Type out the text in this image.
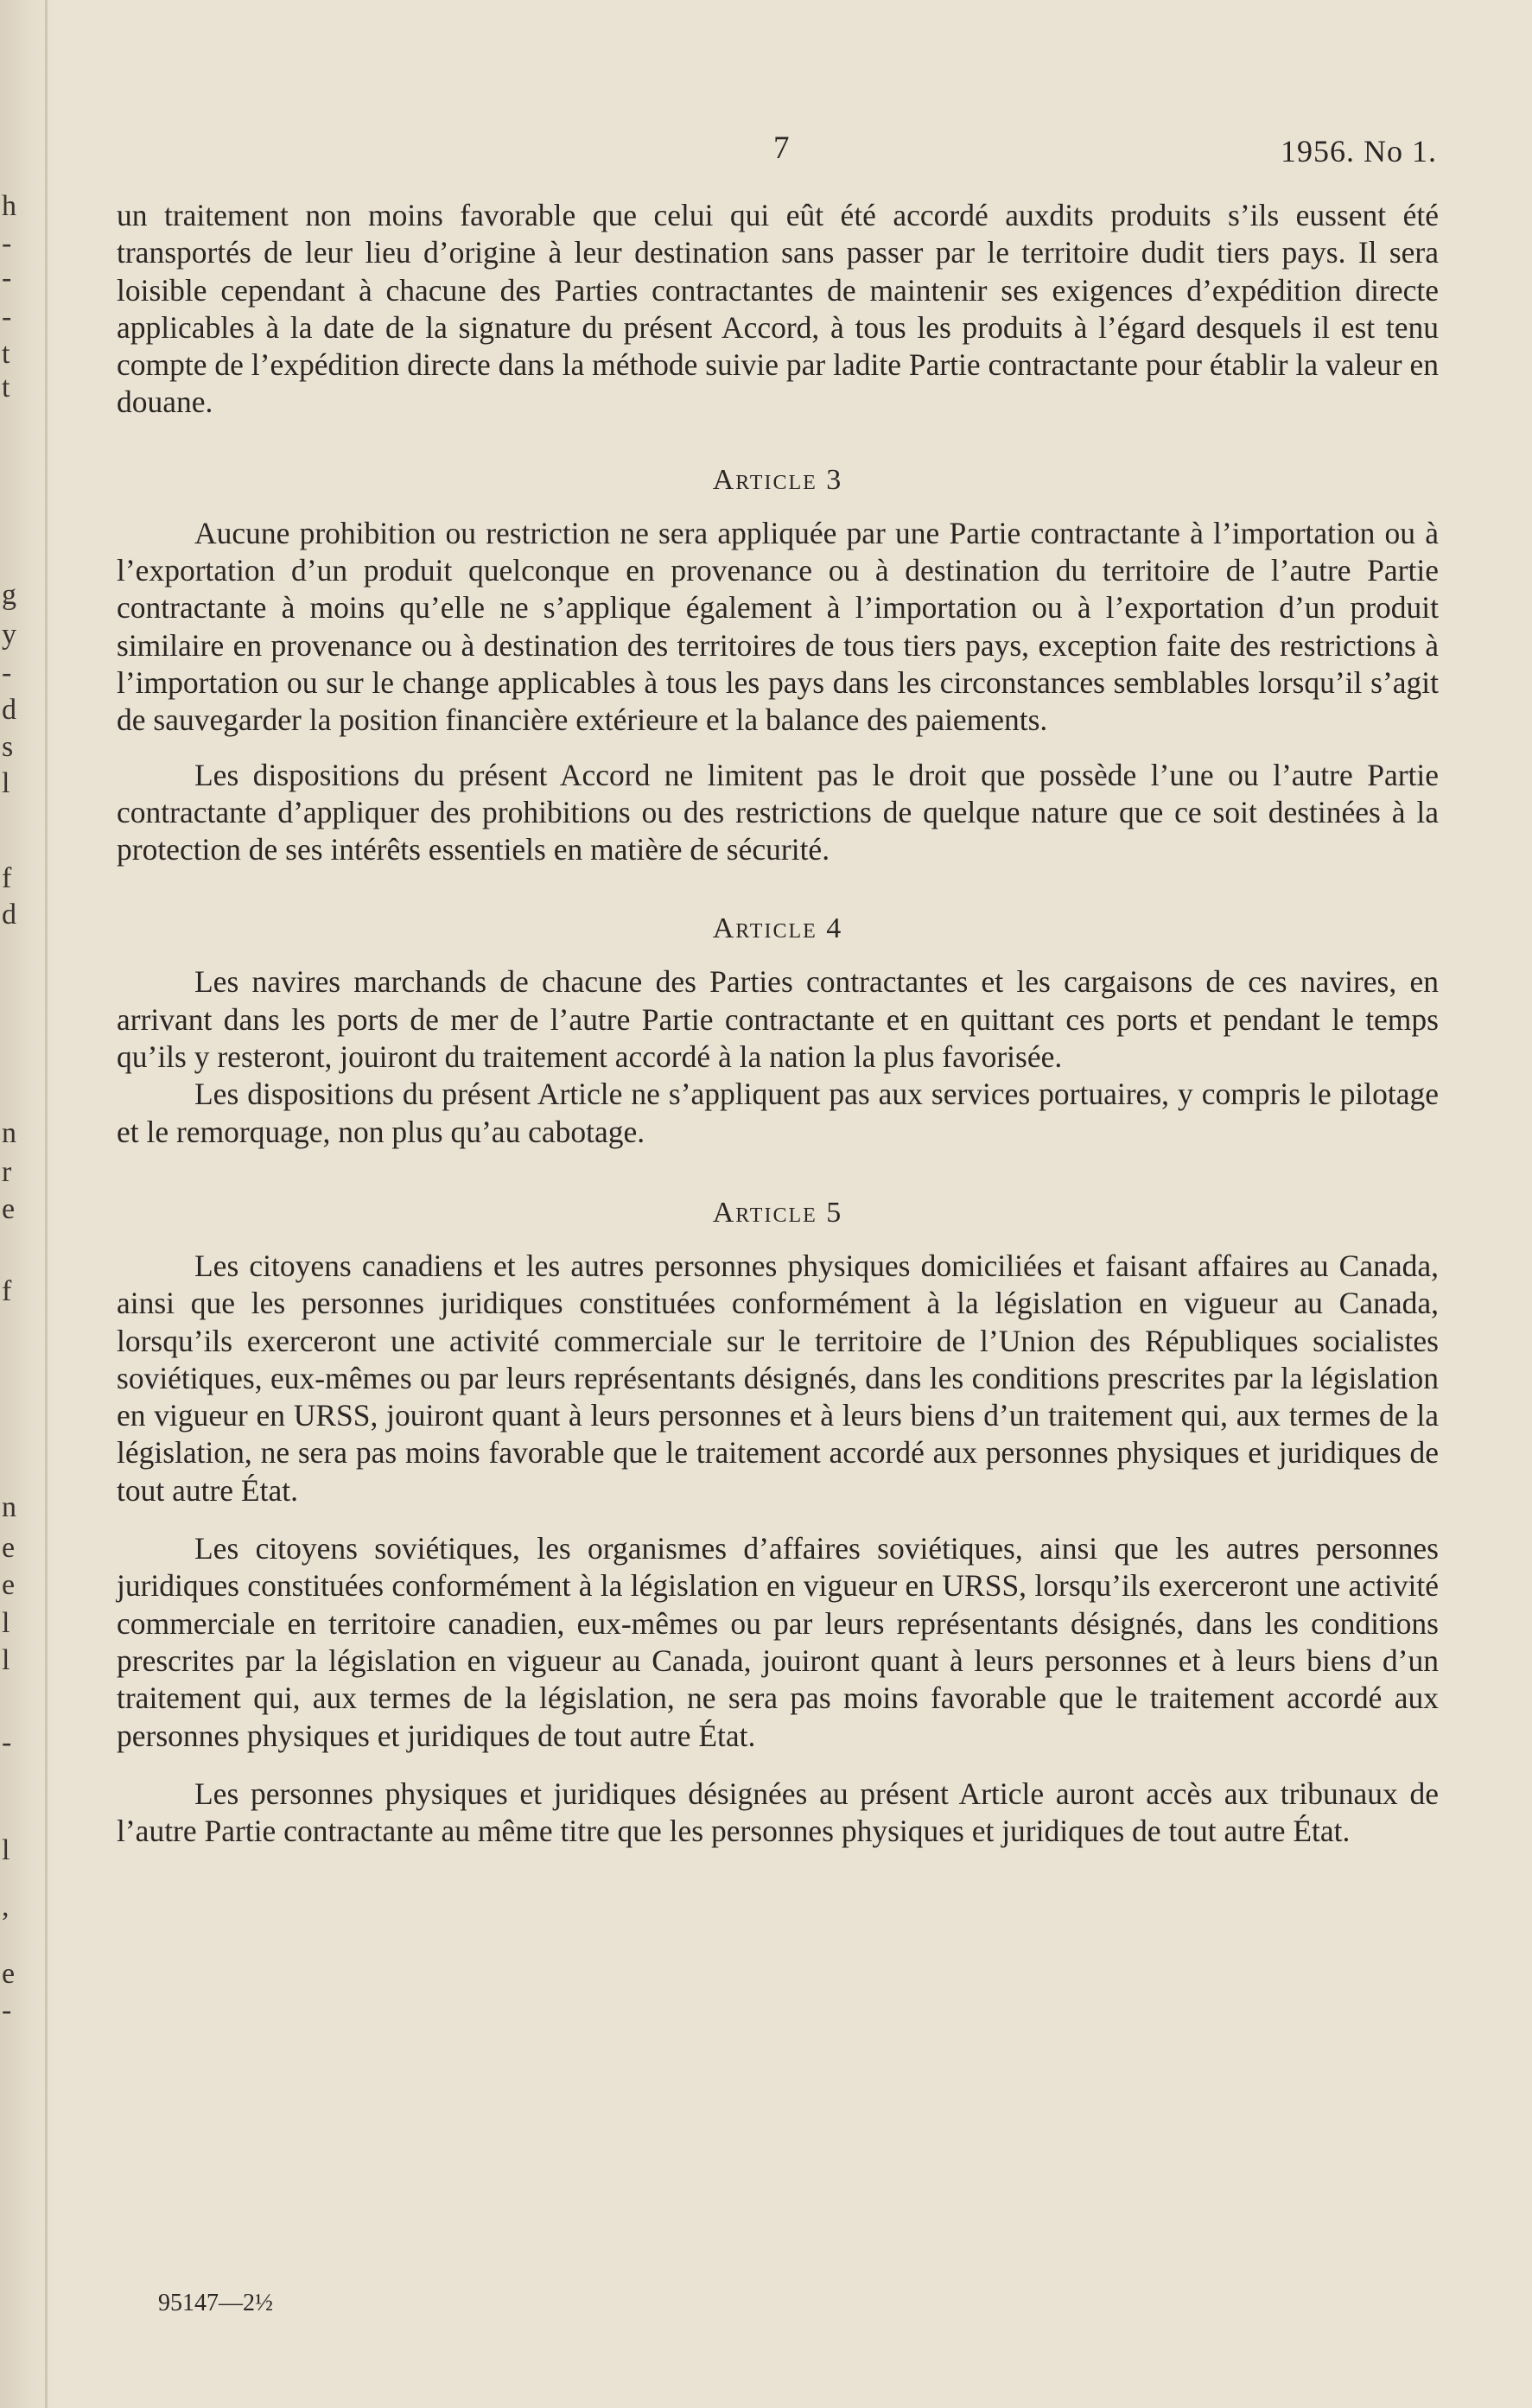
h
-
-
-
t
t
g
y
-
d
s
l
f
d
n
r
e
f
n
e
e
l
l
-
l
,
e
-
7	1956. No 1.

un traitement non moins favorable que celui qui eût été accordé auxdits produits s’ils eussent été transportés de leur lieu d’origine à leur destination sans passer par le territoire dudit tiers pays. Il sera loisible cependant à chacune des Parties contractantes de maintenir ses exigences d’expédition directe applicables à la date de la signature du présent Accord, à tous les produits à l’égard desquels il est tenu compte de l’expédition directe dans la méthode suivie par ladite Partie contractante pour établir la valeur en douane.

Article 3

Aucune prohibition ou restriction ne sera appliquée par une Partie contractante à l’importation ou à l’exportation d’un produit quelconque en provenance ou à destination du territoire de l’autre Partie contractante à moins qu’elle ne s’applique également à l’importation ou à l’exportation d’un produit similaire en provenance ou à destination des territoires de tous tiers pays, exception faite des restrictions à l’importation ou sur le change applicables à tous les pays dans les circonstances semblables lorsqu’il s’agit de sauvegarder la position financière extérieure et la balance des paiements.

Les dispositions du présent Accord ne limitent pas le droit que possède l’une ou l’autre Partie contractante d’appliquer des prohibitions ou des restrictions de quelque nature que ce soit destinées à la protection de ses intérêts essentiels en matière de sécurité.

Article 4

Les navires marchands de chacune des Parties contractantes et les cargaisons de ces navires, en arrivant dans les ports de mer de l’autre Partie contractante et en quittant ces ports et pendant le temps qu’ils y resteront, jouiront du traitement accordé à la nation la plus favorisée.

Les dispositions du présent Article ne s’appliquent pas aux services portuaires, y compris le pilotage et le remorquage, non plus qu’au cabotage.

Article 5

Les citoyens canadiens et les autres personnes physiques domiciliées et faisant affaires au Canada, ainsi que les personnes juridiques constituées conformément à la législation en vigueur au Canada, lorsqu’ils exerceront une activité commerciale sur le territoire de l’Union des Républiques socialistes soviétiques, eux-mêmes ou par leurs représentants désignés, dans les conditions prescrites par la législation en vigueur en URSS, jouiront quant à leurs personnes et à leurs biens d’un traitement qui, aux termes de la législation, ne sera pas moins favorable que le traitement accordé aux personnes physiques et juridiques de tout autre État.

Les citoyens soviétiques, les organismes d’affaires soviétiques, ainsi que les autres personnes juridiques constituées conformément à la législation en vigueur en URSS, lorsqu’ils exerceront une activité commerciale en territoire canadien, eux-mêmes ou par leurs représentants désignés, dans les conditions prescrites par la législation en vigueur au Canada, jouiront quant à leurs personnes et à leurs biens d’un traitement qui, aux termes de la législation, ne sera pas moins favorable que le traitement accordé aux personnes physiques et juridiques de tout autre État.

Les personnes physiques et juridiques désignées au présent Article auront accès aux tribunaux de l’autre Partie contractante au même titre que les personnes physiques et juridiques de tout autre État.

95147—2½
